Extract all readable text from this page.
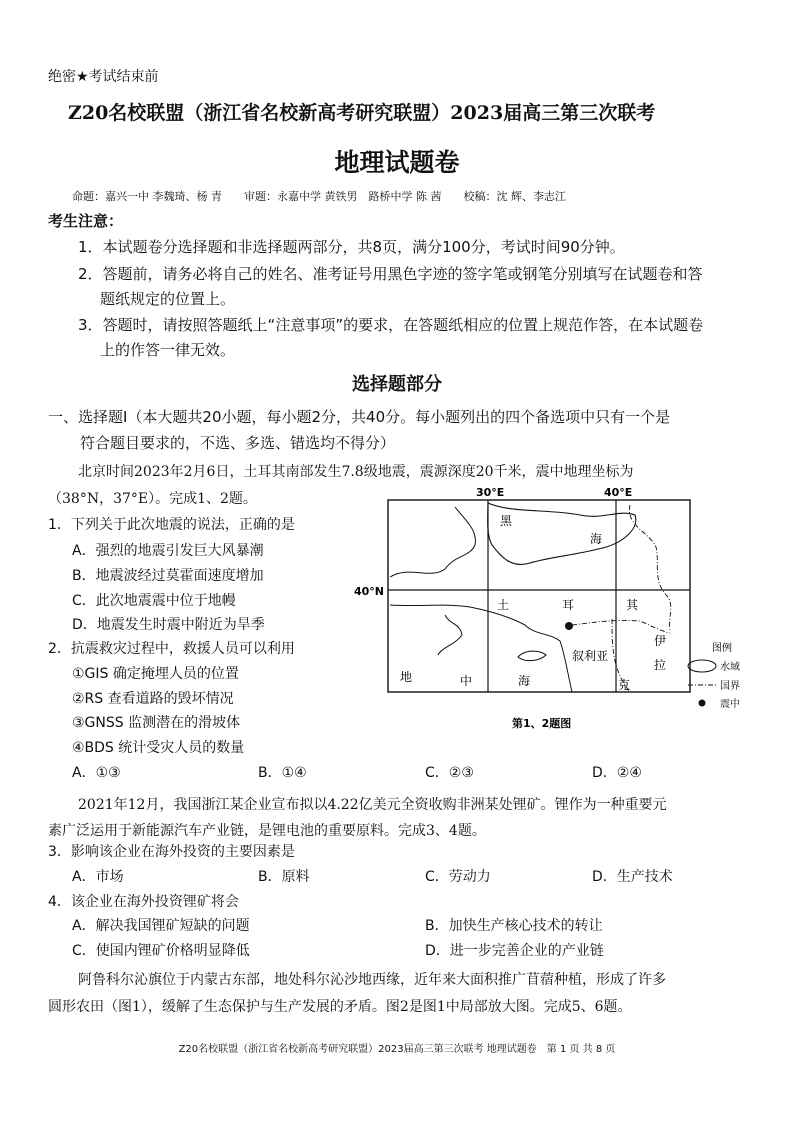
绝密★考试结束前
Z20名校联盟（浙江省名校新高考研究联盟）2023届高三第三次联考
地理试题卷
命题：嘉兴一中 李魏琦、杨 青　　审题：永嘉中学 黄铁男　路桥中学 陈 茜　　校稿：沈 辉、李志江
考生注意：
1．本试题卷分选择题和非选择题两部分，共8页，满分100分，考试时间90分钟。
2．答题前，请务必将自己的姓名、准考证号用黑色字迹的签字笔或钢笔分别填写在试题卷和答
题纸规定的位置上。
3．答题时，请按照答题纸上“注意事项”的要求，在答题纸相应的位置上规范作答，在本试题卷
上的作答一律无效。
选择题部分
一、选择题Ⅰ（本大题共20小题，每小题2分，共40分。每小题列出的四个备选项中只有一个是
符合题目要求的，不选、多选、错选均不得分）
北京时间2023年2月6日，土耳其南部发生7.8级地震，震源深度20千米，震中地理坐标为
（38°N，37°E）。完成1、2题。
1．下列关于此次地震的说法，正确的是
A．强烈的地震引发巨大风暴潮
B．地震波经过莫霍面速度增加
C．此次地震震中位于地幔
D．地震发生时震中附近为旱季
2．抗震救灾过程中，救援人员可以利用
①GIS 确定掩埋人员的位置
②RS 查看道路的毁坏情况
③GNSS 监测潜在的滑坡体
④BDS 统计受灾人员的数量
A．①③	B．①④	C．②③	D．②④
30°E	40°E
40°N
黑
海
土	耳	其
伊
拉
克
叙利亚
地	中	海
图例
水域
国界
震中
第1、2题图
2021年12月，我国浙江某企业宣布拟以4.22亿美元全资收购非洲某处锂矿。锂作为一种重要元
素广泛运用于新能源汽车产业链，是锂电池的重要原料。完成3、4题。
3．影响该企业在海外投资的主要因素是
A．市场	B．原料	C．劳动力	D．生产技术
4．该企业在海外投资锂矿将会
A．解决我国锂矿短缺的问题	B．加快生产核心技术的转让
C．使国内锂矿价格明显降低	D．进一步完善企业的产业链
阿鲁科尔沁旗位于内蒙古东部，地处科尔沁沙地西缘，近年来大面积推广苜蓿种植，形成了许多
圆形农田（图1），缓解了生态保护与生产发展的矛盾。图2是图1中局部放大图。完成5、6题。
Z20名校联盟（浙江省名校新高考研究联盟）2023届高三第三次联考 地理试题卷　第 1 页 共 8 页
